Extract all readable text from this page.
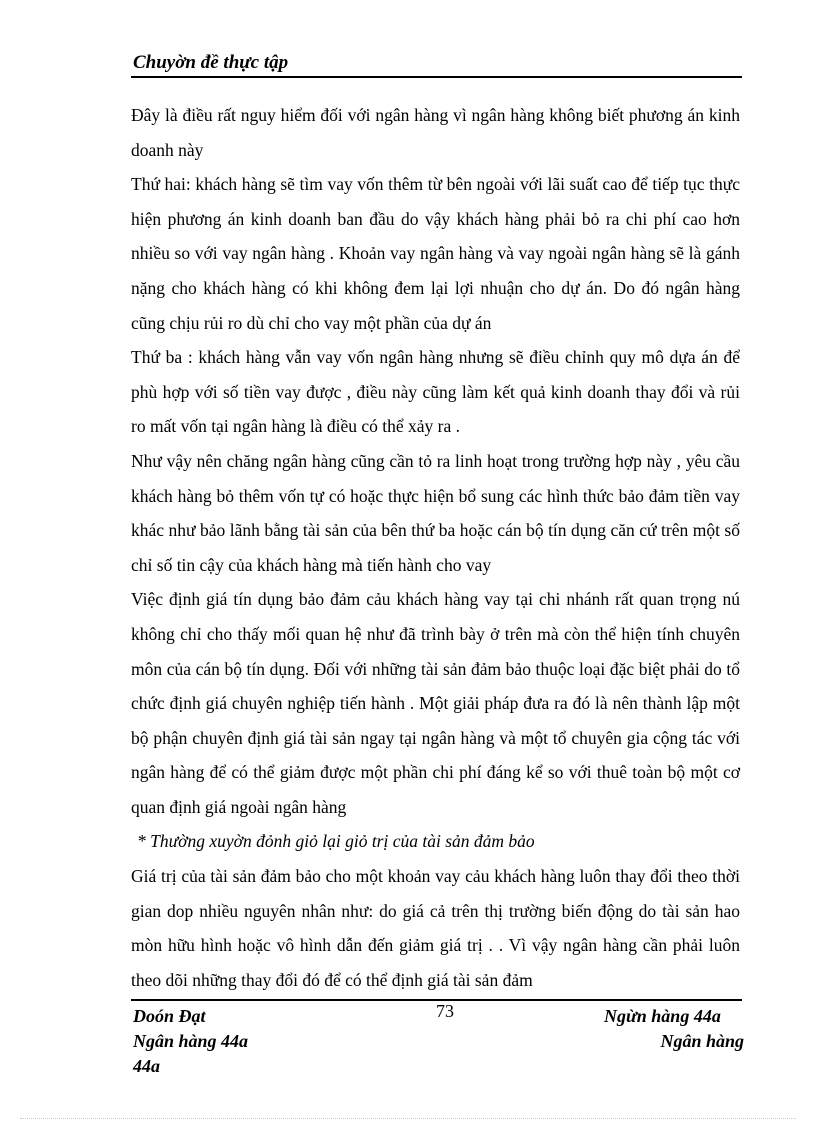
Chuyờn đề thực tập

Đây là điều rất nguy hiểm đối với ngân hàng vì ngân hàng không biết phương án kinh doanh này

Thứ hai: khách hàng sẽ tìm vay vốn thêm từ bên ngoài với lãi suất cao để tiếp tục thực hiện phương án kinh doanh ban đầu do vậy khách hàng phải bỏ ra chi phí cao hơn nhiều so với vay ngân hàng . Khoản vay ngân hàng và vay ngoài ngân hàng sẽ là gánh nặng cho khách hàng có khi không đem lại lợi nhuận cho dự án. Do đó ngân hàng cũng chịu rủi ro dù chỉ cho vay một phần của dự án

Thứ ba : khách hàng vẫn vay vốn ngân hàng nhưng sẽ điều chỉnh quy mô dựa án để phù hợp với số tiền vay được , điều này cũng làm kết quả kinh doanh thay đổi và rủi ro mất vốn tại ngân hàng là điều có thể xảy ra .

Như vậy nên chăng ngân hàng cũng cần tỏ ra linh hoạt trong trường hợp này , yêu cầu khách hàng bỏ thêm vốn tự có hoặc thực hiện bổ sung các hình thức bảo đảm tiền vay khác như bảo lãnh bằng tài sản của bên thứ ba hoặc cán bộ tín dụng căn cứ trên một số chỉ số tin cậy của khách hàng mà tiến hành cho vay

Việc định giá tín dụng bảo đảm cảu khách hàng vay tại chi nhánh rất quan trọng nú không chỉ cho thấy mối quan hệ như đã trình bày ở trên mà còn thể hiện tính chuyên môn của cán bộ tín dụng. Đối với những tài sản đảm bảo thuộc loại đặc biệt phải do tổ chức định giá chuyên nghiệp tiến hành . Một giải pháp đưa ra đó là nên thành lập một bộ phận chuyên định giá tài sản ngay tại ngân hàng và một tổ chuyên gia cộng tác với ngân hàng để có thể giảm được một phần chi phí đáng kể so với thuê toàn bộ một cơ quan định giá ngoài ngân hàng

* Thường xuyờn đỏnh giỏ lại giỏ trị của tài sản đảm bảo

Giá trị của tài sản đảm bảo cho một khoản vay cảu khách hàng luôn thay đổi theo thời gian dop nhiều nguyên nhân như: do giá cả trên thị trường biến động do tài sản hao mòn hữu hình hoặc vô hình dẫn đến giảm giá trị . . Vì vậy ngân hàng cần phải luôn theo dõi những thay đổi đó để có thể định giá tài sản đảm

Doón Đạt
Ngân hàng 44a
44a
73	Ngừn hàng 44a
Ngân hàng
